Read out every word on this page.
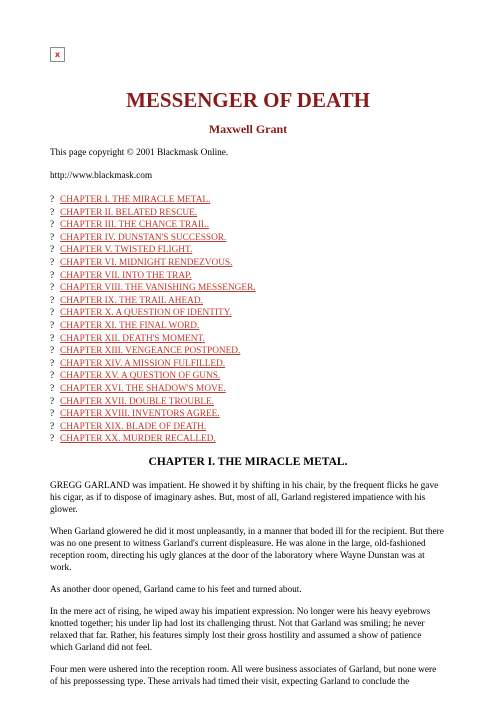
x
MESSENGER OF DEATH
Maxwell Grant

This page copyright © 2001 Blackmask Online.

http://www.blackmask.com

? CHAPTER I. THE MIRACLE METAL.
? CHAPTER II. BELATED RESCUE.
? CHAPTER III. THE CHANCE TRAIL.
? CHAPTER IV. DUNSTAN'S SUCCESSOR.
? CHAPTER V. TWISTED FLIGHT.
? CHAPTER VI. MIDNIGHT RENDEZVOUS.
? CHAPTER VII. INTO THE TRAP.
? CHAPTER VIII. THE VANISHING MESSENGER.
? CHAPTER IX. THE TRAIL AHEAD.
? CHAPTER X. A QUESTION OF IDENTITY.
? CHAPTER XI. THE FINAL WORD.
? CHAPTER XII. DEATH'S MOMENT.
? CHAPTER XIII. VENGEANCE POSTPONED.
? CHAPTER XIV. A MISSION FULFILLED.
? CHAPTER XV. A QUESTION OF GUNS.
? CHAPTER XVI. THE SHADOW'S MOVE.
? CHAPTER XVII. DOUBLE TROUBLE.
? CHAPTER XVIII. INVENTORS AGREE.
? CHAPTER XIX. BLADE OF DEATH.
? CHAPTER XX. MURDER RECALLED.
CHAPTER I. THE MIRACLE METAL.

GREGG GARLAND was impatient. He showed it by shifting in his chair, by the frequent flicks he gave his cigar, as if to dispose of imaginary ashes. But, most of all, Garland registered impatience with his glower.

When Garland glowered he did it most unpleasantly, in a manner that boded ill for the recipient. But there was no one present to witness Garland's current displeasure. He was alone in the large, old-fashioned reception room, directing his ugly glances at the door of the laboratory where Wayne Dunstan was at work.

As another door opened, Garland came to his feet and turned about.

In the mere act of rising, he wiped away his impatient expression. No longer were his heavy eyebrows knotted together; his under lip had lost its challenging thrust. Not that Garland was smiling; he never relaxed that far. Rather, his features simply lost their gross hostility and assumed a show of patience which Garland did not feel.

Four men were ushered into the reception room. All were business associates of Garland, but none were of his prepossessing type. These arrivals had timed their visit, expecting Garland to conclude the
